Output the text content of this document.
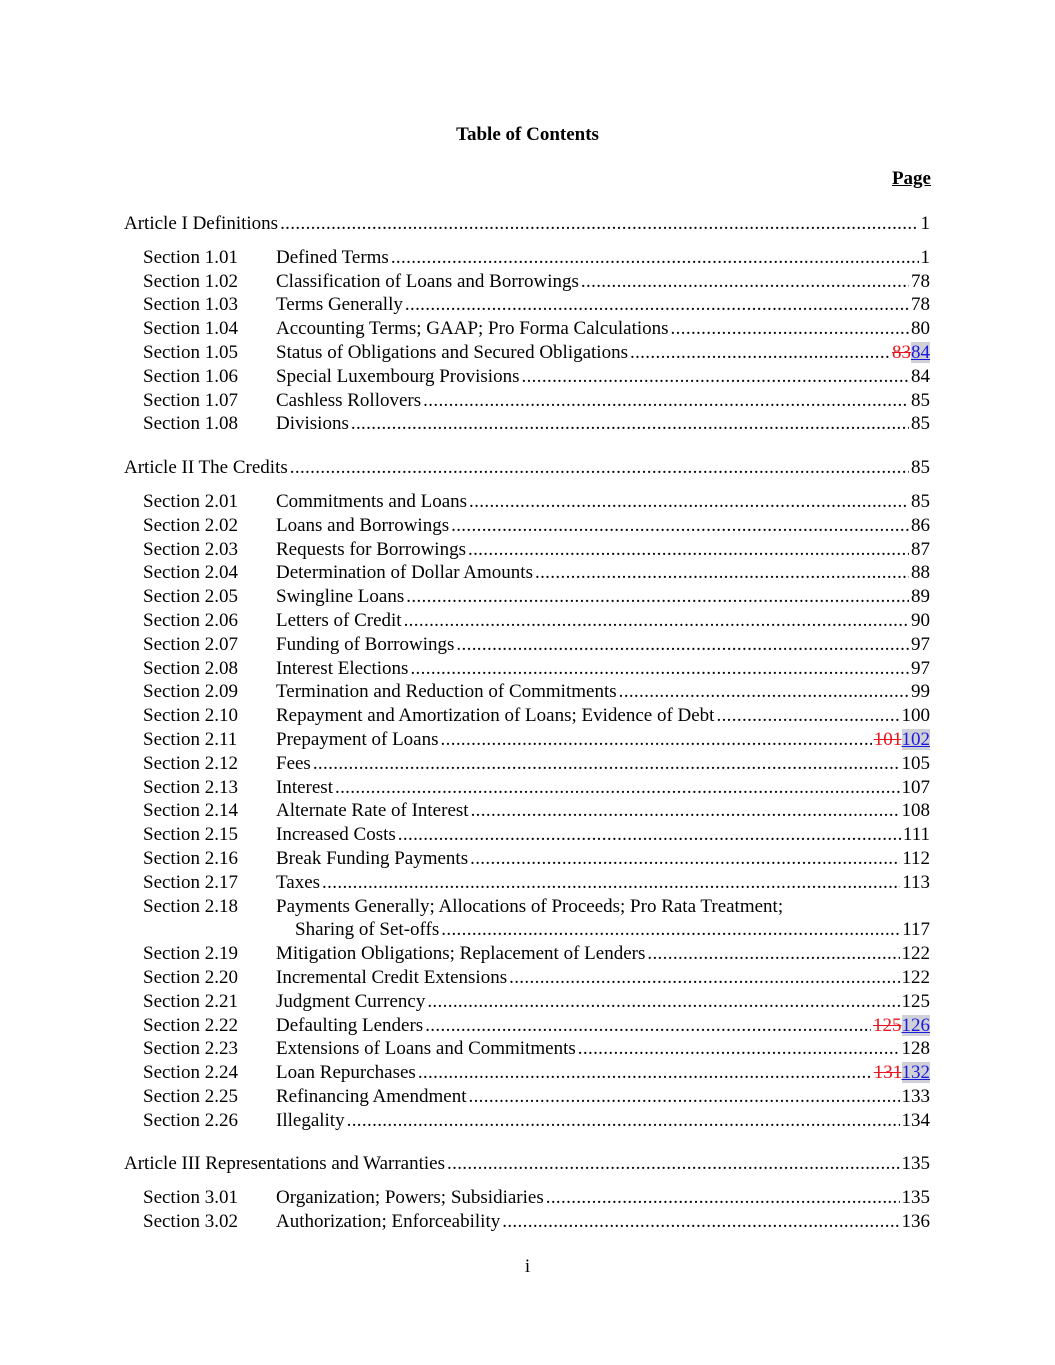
Table of Contents
Page
Article I Definitions . . .	1
Section 1.01	Defined Terms . . .	1
Section 1.02	Classification of Loans and Borrowings . . .	78
Section 1.03	Terms Generally . . .	78
Section 1.04	Accounting Terms; GAAP; Pro Forma Calculations . . .	80
Section 1.05	Status of Obligations and Secured Obligations . . .	8384
Section 1.06	Special Luxembourg Provisions . . .	84
Section 1.07	Cashless Rollovers . . .	85
Section 1.08	Divisions . . .	85
Article II The Credits . . .	85
Section 2.01	Commitments and Loans . . .	85
Section 2.02	Loans and Borrowings . . .	86
Section 2.03	Requests for Borrowings . . .	87
Section 2.04	Determination of Dollar Amounts . . .	88
Section 2.05	Swingline Loans . . .	89
Section 2.06	Letters of Credit . . .	90
Section 2.07	Funding of Borrowings . . .	97
Section 2.08	Interest Elections . . .	97
Section 2.09	Termination and Reduction of Commitments . . .	99
Section 2.10	Repayment and Amortization of Loans; Evidence of Debt . . .	100
Section 2.11	Prepayment of Loans . . .	101102
Section 2.12	Fees . . .	105
Section 2.13	Interest . . .	107
Section 2.14	Alternate Rate of Interest . . .	108
Section 2.15	Increased Costs . . .	111
Section 2.16	Break Funding Payments . . .	112
Section 2.17	Taxes . . .	113
Section 2.18	Payments Generally; Allocations of Proceeds; Pro Rata Treatment;
Sharing of Set-offs . . .	117
Section 2.19	Mitigation Obligations; Replacement of Lenders . . .	122
Section 2.20	Incremental Credit Extensions . . .	122
Section 2.21	Judgment Currency . . .	125
Section 2.22	Defaulting Lenders . . .	125126
Section 2.23	Extensions of Loans and Commitments . . .	128
Section 2.24	Loan Repurchases . . .	131132
Section 2.25	Refinancing Amendment . . .	133
Section 2.26	Illegality . . .	134
Article III Representations and Warranties . . .	135
Section 3.01	Organization; Powers; Subsidiaries . . .	135
Section 3.02	Authorization; Enforceability . . .	136
i
